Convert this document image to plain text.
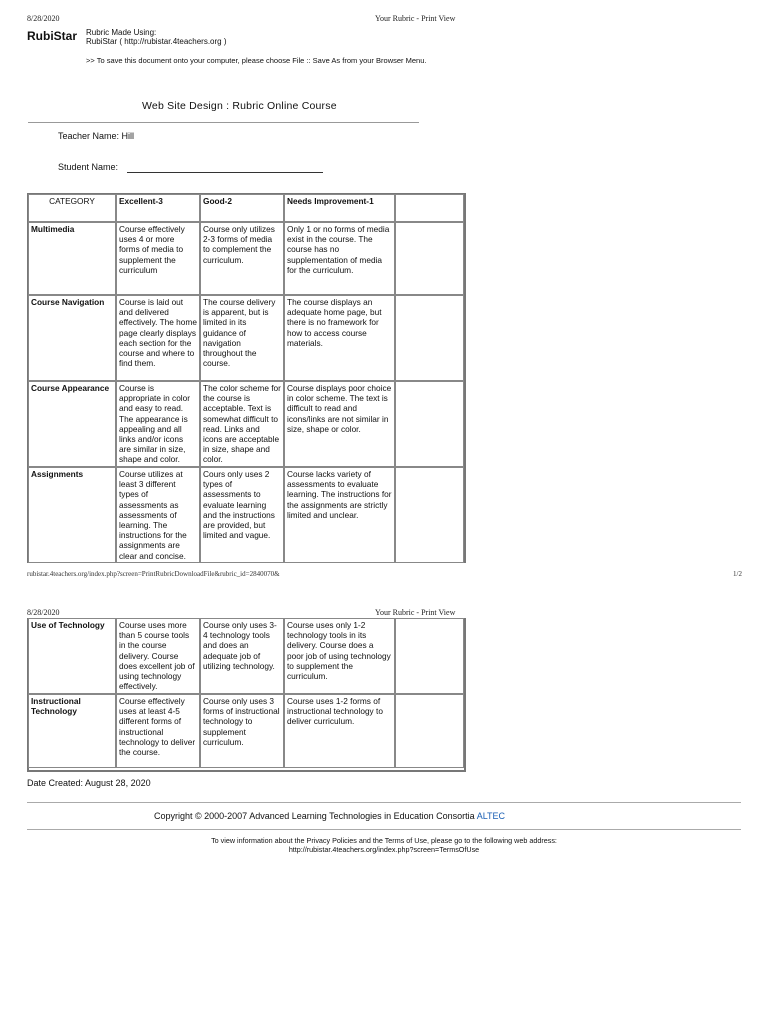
8/28/2020	Your Rubric - Print View
RubiStar Rubric Made Using:
RubiStar ( http://rubistar.4teachers.org )
>> To save this document onto your computer, please choose File :: Save As from your Browser Menu.
Web Site Design : Rubric Online Course
Teacher Name: Hill
Student Name:
CATEGORY	Excellent-3	Good-2	Needs Improvement-1	
Multimedia	Course effectively uses 4 or more forms of media to supplement the curriculum	Course only utilizes 2-3 forms of media to complement the curriculum.	Only 1 or no forms of media exist in the course. The course has no supplementation of media for the curriculum.	
Course Navigation	Course is laid out and delivered effectively. The home page clearly displays each section for the course and where to find them.	The course delivery is apparent, but is limited in its guidance of navigation throughout the course.	The course displays an adequate home page, but there is no framework for how to access course materials.	
Course Appearance	Course is appropriate in color and easy to read. The appearance is appealing and all links and/or icons are similar in size, shape and color.	The color scheme for the course is acceptable. Text is somewhat difficult to read. Links and icons are acceptable in size, shape and color.	Course displays poor choice in color scheme. The text is difficult to read and icons/links are not similar in size, shape or color.	
Assignments	Course utilizes at least 3 different types of assessments as assessments of learning. The instructions for the assignments are clear and concise.	Cours only uses 2 types of assessments to evaluate learning and the instructions are provided, but limited and vague.	Course lacks variety of assessments to evaluate learning. The instructions for the assignments are strictly limited and unclear.	
rubistar.4teachers.org/index.php?screen=PrintRubricDownloadFile&rubric_id=2840070&	1/2
8/28/2020	Your Rubric - Print View
Use of Technology	Course uses more than 5 course tools in the course delivery. Course does excellent job of using technology effectively.	Course only uses 3-4 technology tools and does an adequate job of utilizing technology.	Course uses only 1-2 technology tools in its delivery. Course does a poor job of using technology to supplement the curriculum.	
Instructional Technology	Course effectively uses at least 4-5 different forms of instructional technology to deliver the course.	Course only uses 3 forms of instructional technology to supplement curriculum.	Course uses 1-2 forms of instructional technology to deliver curriculum.	
Date Created: August 28, 2020
Copyright © 2000-2007 Advanced Learning Technologies in Education Consortia ALTEC
To view information about the Privacy Policies and the Terms of Use, please go to the following web address:
http://rubistar.4teachers.org/index.php?screen=TermsOfUse
